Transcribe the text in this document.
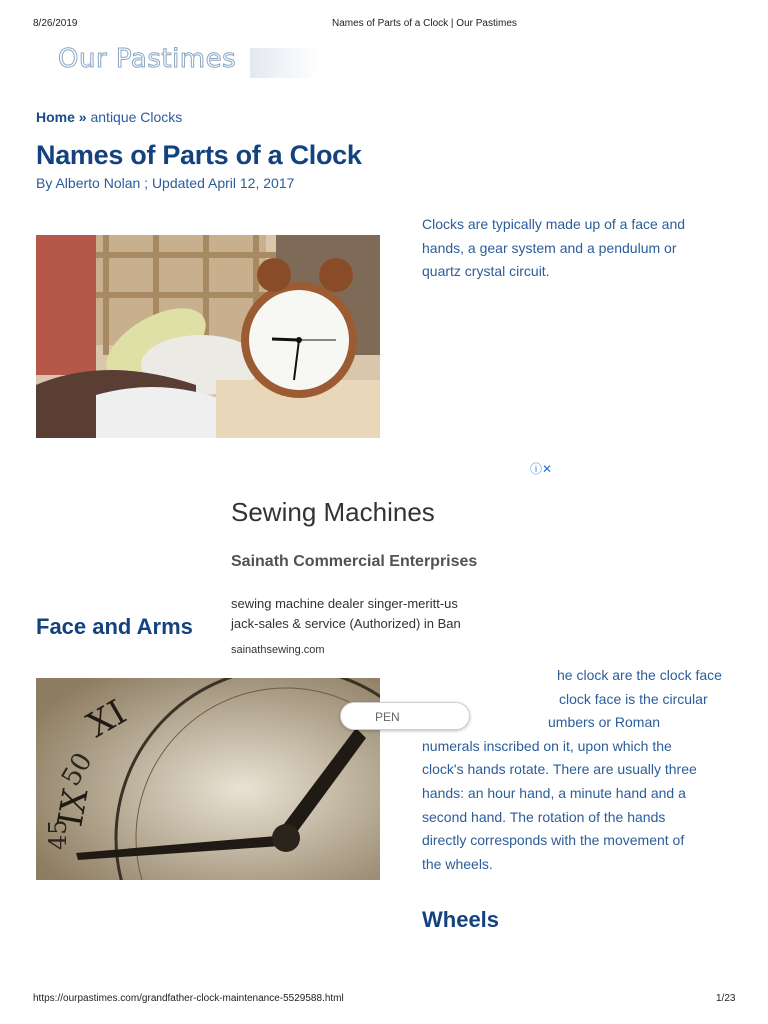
8/26/2019	Names of Parts of a Clock | Our Pastimes
Our Pastimes
Home » antique Clocks
Names of Parts of a Clock
By Alberto Nolan ; Updated April 12, 2017
Clocks are typically made up of a face and
hands, a gear system and a pendulum or
quartz crystal circuit.
ⓘ✕
Sewing Machines
Sainath Commercial Enterprises
sewing machine dealer singer-meritt-us
jack-sales & service (Authorized) in Ban
sainathsewing.com
Face and Arms
50
45
XI
IX
PEN
he clock are the clock face
clock face is the circular
umbers or Roman
numerals inscribed on it, upon which the
clock's hands rotate. There are usually three
hands: an hour hand, a minute hand and a
second hand. The rotation of the hands
directly corresponds with the movement of
the wheels.
Wheels
https://ourpastimes.com/grandfather-clock-maintenance-5529588.html	1/23
